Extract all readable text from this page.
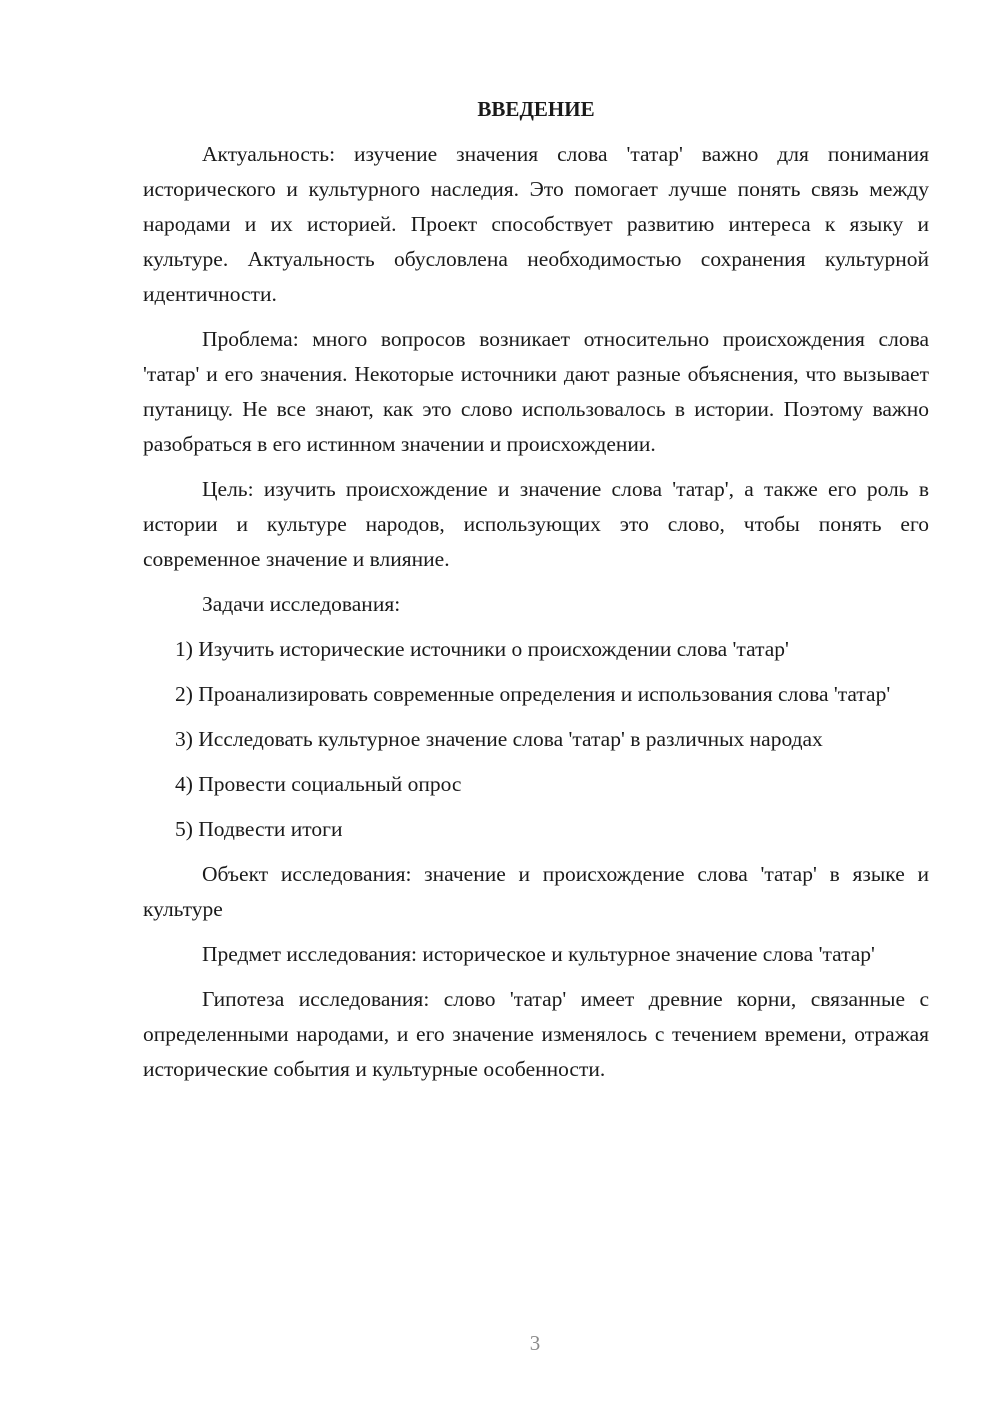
ВВЕДЕНИЕ

Актуальность: изучение значения слова 'татар' важно для понимания исторического и культурного наследия. Это помогает лучше понять связь между народами и их историей. Проект способствует развитию интереса к языку и культуре. Актуальность обусловлена необходимостью сохранения культурной идентичности.

Проблема: много вопросов возникает относительно происхождения слова 'татар' и его значения. Некоторые источники дают разные объяснения, что вызывает путаницу. Не все знают, как это слово использовалось в истории. Поэтому важно разобраться в его истинном значении и происхождении.

Цель: изучить происхождение и значение слова 'татар', а также его роль в истории и культуре народов, использующих это слово, чтобы понять его современное значение и влияние.

Задачи исследования:

1) Изучить исторические источники о происхождении слова 'татар'

2) Проанализировать современные определения и использования слова 'татар'

3) Исследовать культурное значение слова 'татар' в различных народах

4) Провести социальный опрос

5) Подвести итоги

Объект исследования: значение и происхождение слова 'татар' в языке и культуре

Предмет исследования: историческое и культурное значение слова 'татар'

Гипотеза исследования: слово 'татар' имеет древние корни, связанные с определенными народами, и его значение изменялось с течением времени, отражая исторические события и культурные особенности.

3
